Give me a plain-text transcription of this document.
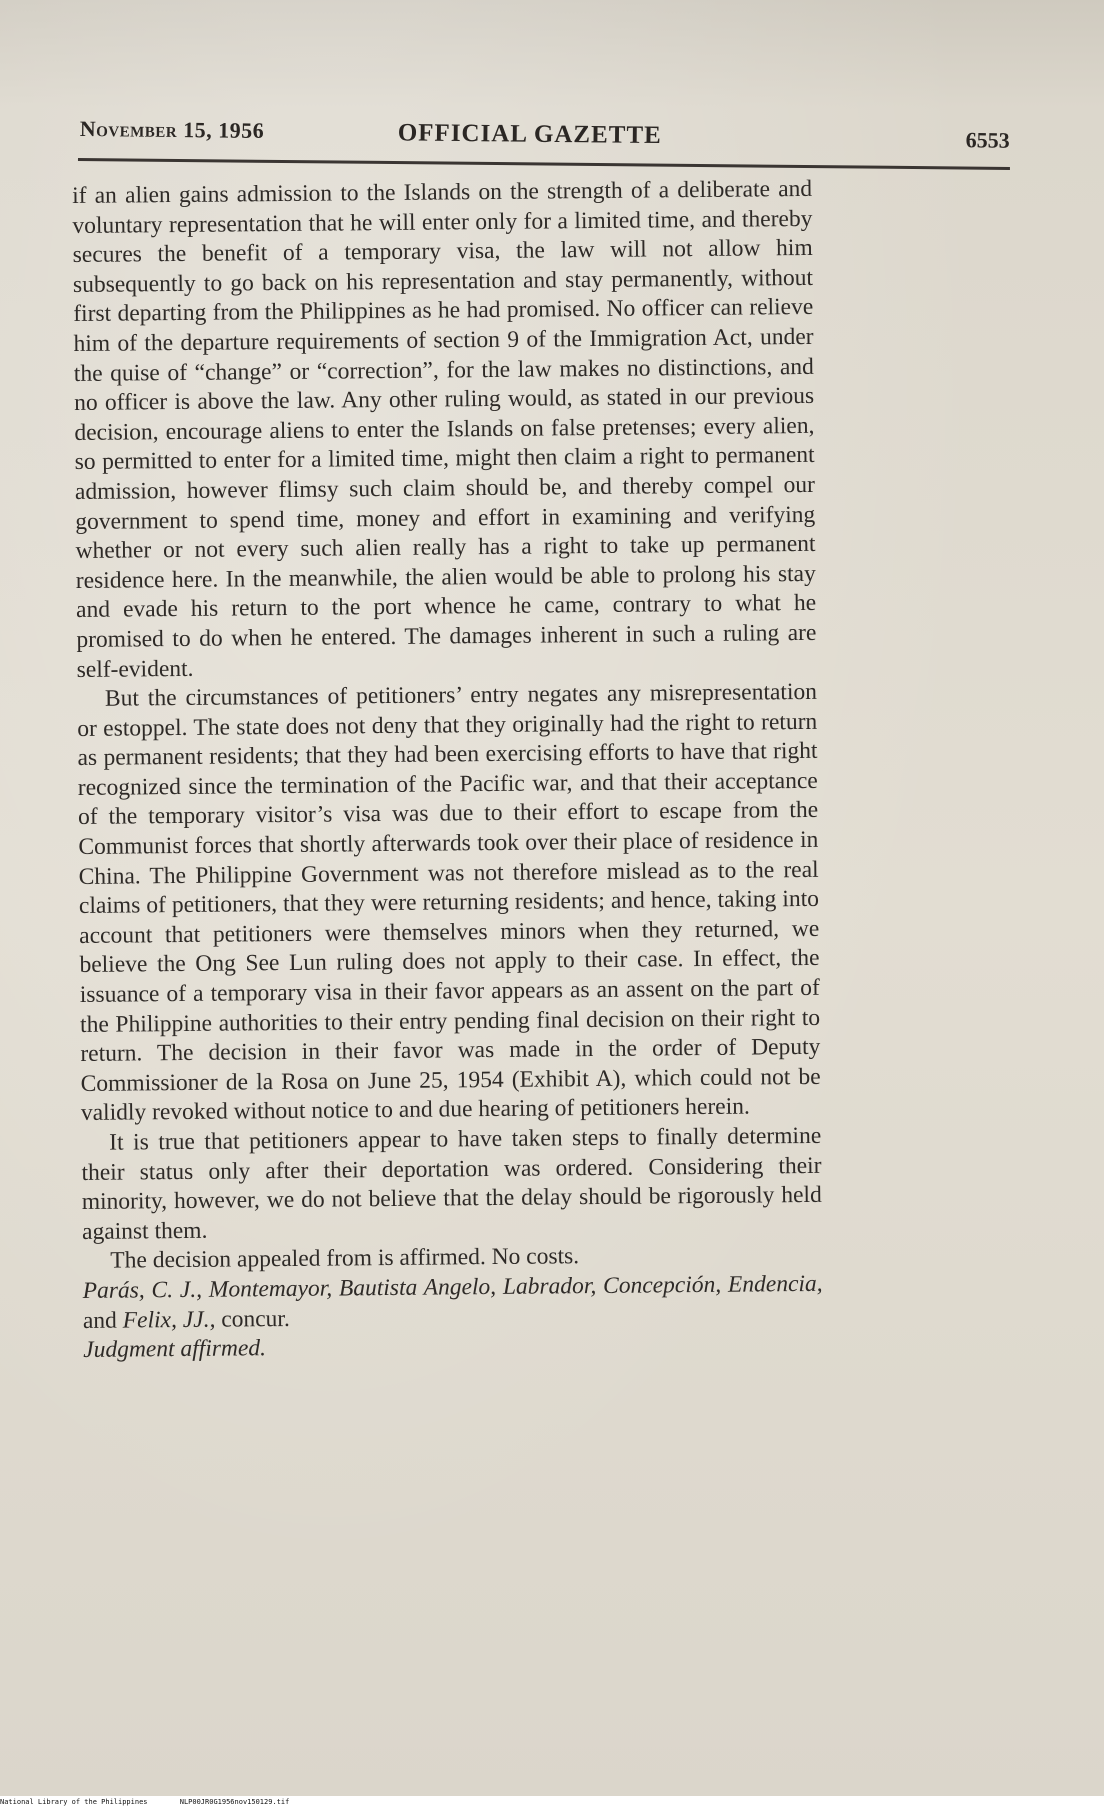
November 15, 1956	OFFICIAL GAZETTE	6553

if an alien gains admission to the Islands on the strength of a deliberate and voluntary representation that he will enter only for a limited time, and thereby secures the benefit of a temporary visa, the law will not allow him subsequently to go back on his representation and stay permanently, without first departing from the Philippines as he had promised. No officer can relieve him of the departure requirements of section 9 of the Immigration Act, under the quise of “change” or “correction”, for the law makes no distinctions, and no officer is above the law. Any other ruling would, as stated in our previous decision, encourage aliens to enter the Islands on false pretenses; every alien, so permitted to enter for a limited time, might then claim a right to permanent admission, however flimsy such claim should be, and thereby compel our government to spend time, money and effort in examining and verifying whether or not every such alien really has a right to take up permanent residence here. In the meanwhile, the alien would be able to prolong his stay and evade his return to the port whence he came, contrary to what he promised to do when he entered. The damages inherent in such a ruling are self-evident.

But the circumstances of petitioners’ entry negates any misrepresentation or estoppel. The state does not deny that they originally had the right to return as permanent residents; that they had been exercising efforts to have that right recognized since the termination of the Pacific war, and that their acceptance of the temporary visitor’s visa was due to their effort to escape from the Communist forces that shortly afterwards took over their place of residence in China. The Philippine Government was not therefore mislead as to the real claims of petitioners, that they were returning residents; and hence, taking into account that petitioners were themselves minors when they returned, we believe the Ong See Lun ruling does not apply to their case. In effect, the issuance of a temporary visa in their favor appears as an assent on the part of the Philippine authorities to their entry pending final decision on their right to return. The decision in their favor was made in the order of Deputy Commissioner de la Rosa on June 25, 1954 (Exhibit A), which could not be validly revoked without notice to and due hearing of petitioners herein.

It is true that petitioners appear to have taken steps to finally determine their status only after their deportation was ordered. Considering their minority, however, we do not believe that the delay should be rigorously held against them.

The decision appealed from is affirmed. No costs.

Parás, C. J., Montemayor, Bautista Angelo, Labrador, Concepción, Endencia, and Felix, JJ., concur.

Judgment affirmed.

National Library of the Philippines	NLP00JR0G1956nov150129.tif
